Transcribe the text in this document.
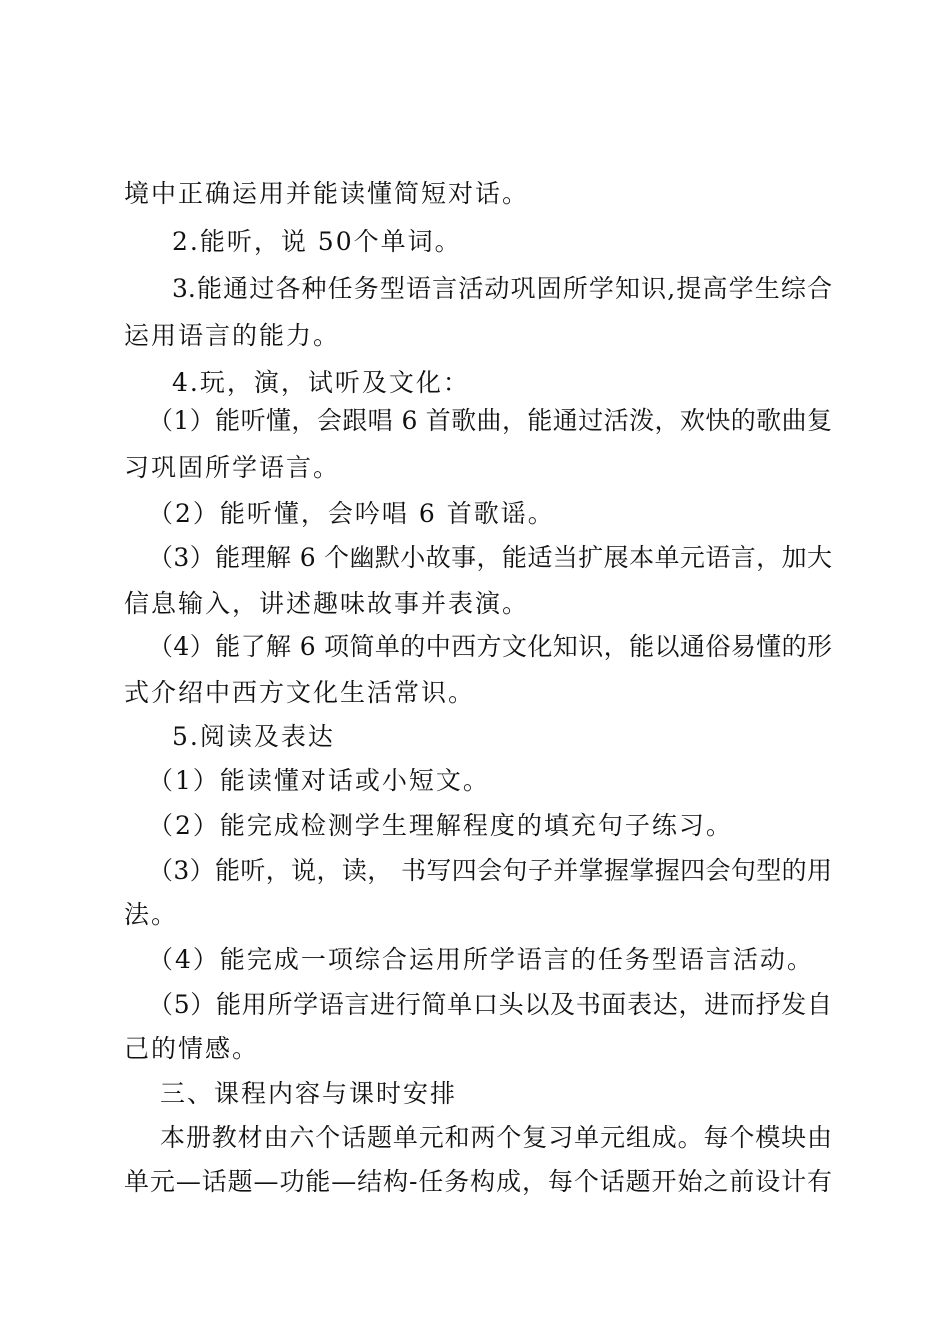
境中正确运用并能读懂简短对话。
2.能听，说 50个单词。
3.能通过各种任务型语言活动巩固所学知识,提高学生综合
运用语言的能力。
4.玩，演，试听及文化：
（1）能听懂，会跟唱 6 首歌曲，能通过活泼，欢快的歌曲复
习巩固所学语言。
（2）能听懂，会吟唱 6 首歌谣。
（3）能理解 6 个幽默小故事，能适当扩展本单元语言，加大
信息输入，讲述趣味故事并表演。
（4）能了解 6 项简单的中西方文化知识，能以通俗易懂的形
式介绍中西方文化生活常识。
5.阅读及表达
（1）能读懂对话或小短文。
（2）能完成检测学生理解程度的填充句子练习。
（3）能听，说，读， 书写四会句子并掌握掌握四会句型的用
法。
（4）能完成一项综合运用所学语言的任务型语言活动。
（5）能用所学语言进行简单口头以及书面表达，进而抒发自
己的情感。
三、课程内容与课时安排
本册教材由六个话题单元和两个复习单元组成。每个模块由
单元—话题—功能—结构-任务构成，每个话题开始之前设计有
